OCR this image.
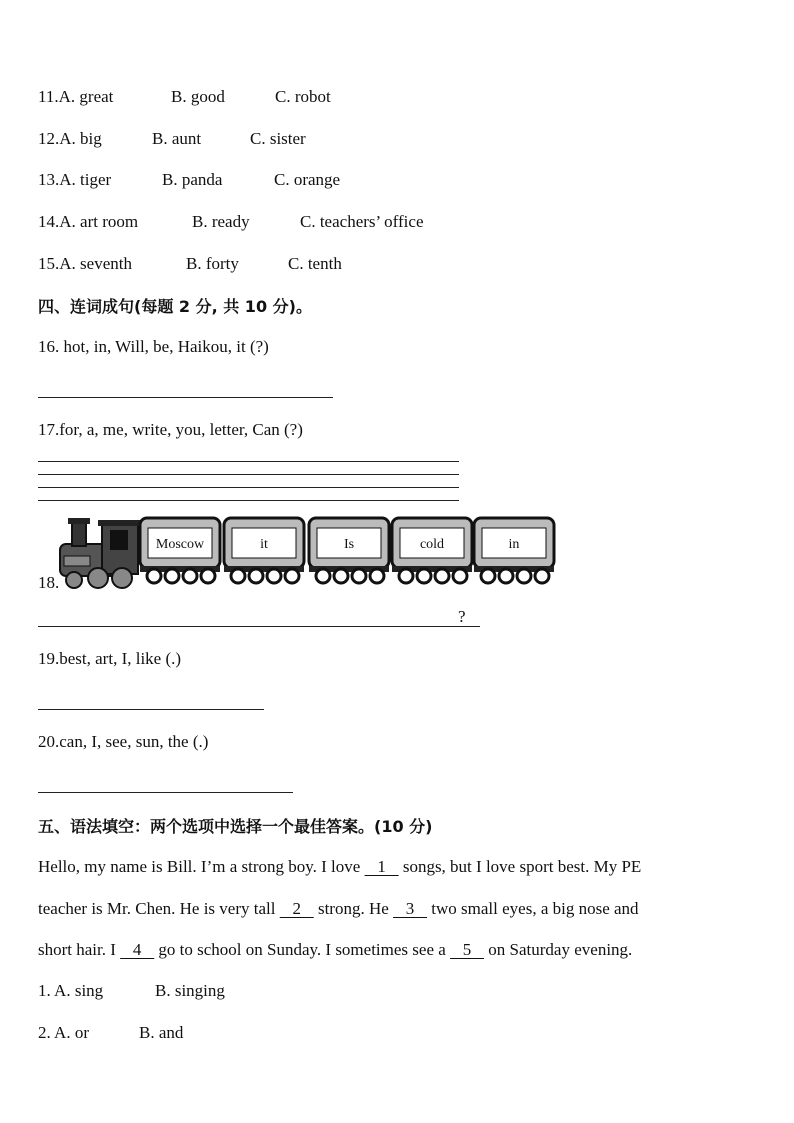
11.A. great	B. good	C. robot
12.A. big	B. aunt	C. sister
13.A. tiger	B. panda	C. orange
14.A. art room	B. ready	C. teachers’ office
15.A. seventh	B. forty	C. tenth
四、连词成句(每题 2 分, 共 10 分)。
16. hot, in, Will, be, Haikou, it (?)
17.for, a, me, write, you, letter, Can (?)
18.
Moscow	it	Is	cold	in
?
19.best, art, I, like (.)
20.can, I, see, sun, the (.)
五、语法填空：两个选项中选择一个最佳答案。(10 分)
Hello, my name is Bill. I’m a strong boy. I love    1    songs, but I love sport best. My PE
teacher is Mr. Chen. He is very tall    2    strong. He    3    two small eyes, a big nose and
short hair. I    4    go to school on Sunday. I sometimes see a    5    on Saturday evening.
1. A. sing	B. singing
2. A. or	B. and
